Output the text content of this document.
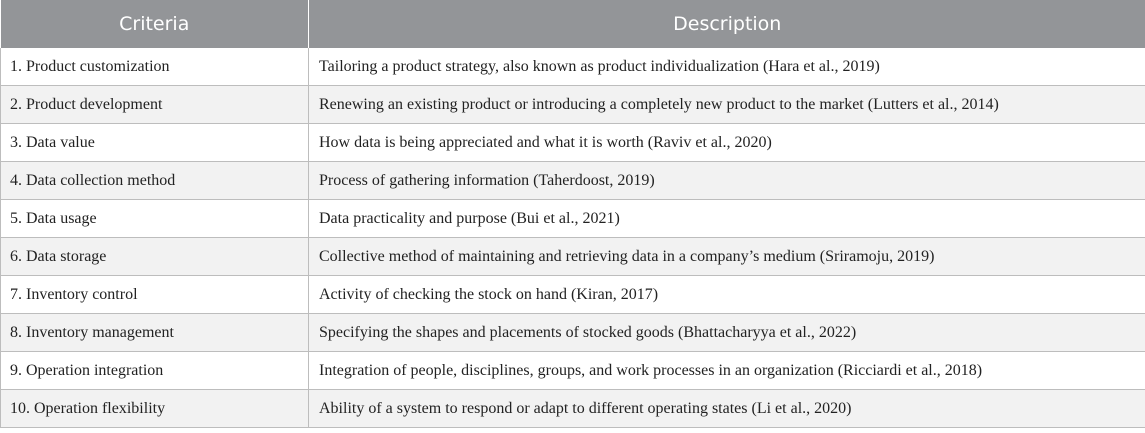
Criteria	Description
1. Product customization	Tailoring a product strategy, also known as product individualization (Hara et al., 2019)
2. Product development	Renewing an existing product or introducing a completely new product to the market (Lutters et al., 2014)
3. Data value	How data is being appreciated and what it is worth (Raviv et al., 2020)
4. Data collection method	Process of gathering information (Taherdoost, 2019)
5. Data usage	Data practicality and purpose (Bui et al., 2021)
6. Data storage	Collective method of maintaining and retrieving data in a company’s medium (Sriramoju, 2019)
7. Inventory control	Activity of checking the stock on hand (Kiran, 2017)
8. Inventory management	Specifying the shapes and placements of stocked goods (Bhattacharyya et al., 2022)
9. Operation integration	Integration of people, disciplines, groups, and work processes in an organization (Ricciardi et al., 2018)
10. Operation flexibility	Ability of a system to respond or adapt to different operating states (Li et al., 2020)
